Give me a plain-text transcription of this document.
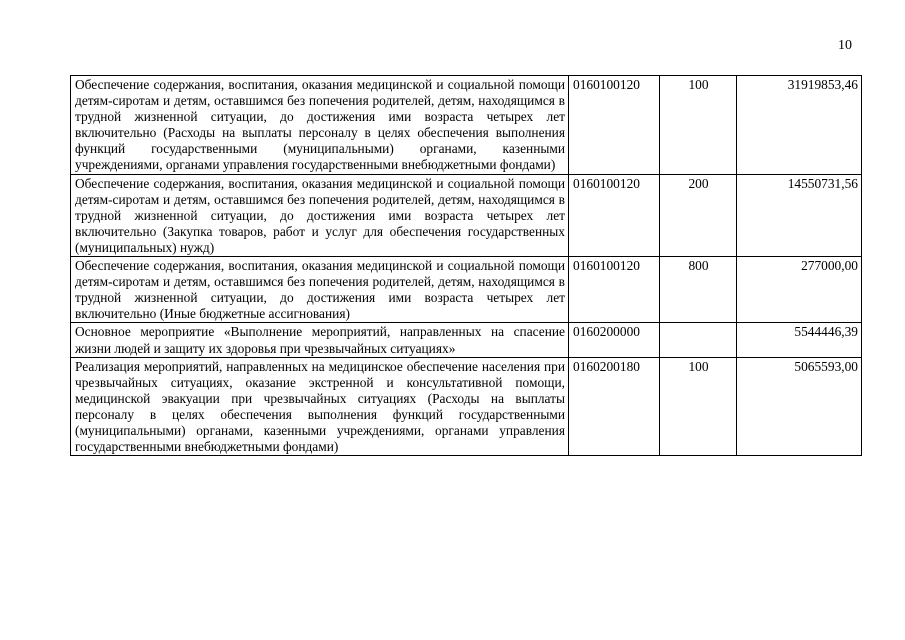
10
Обеспечение содержания, воспитания, оказания медицинской и социальной помощи детям-сиротам и детям, оставшимся без попечения родителей, детям, находящимся в трудной жизненной ситуации, до достижения ими возраста четырех лет включительно (Расходы на выплаты персоналу в целях обеспечения выполнения функций государственными (муниципальными) органами, казенными учреждениями, органами управления государственными внебюджетными фондами)	0160100120	100	31919853,46
Обеспечение содержания, воспитания, оказания медицинской и социальной помощи детям-сиротам и детям, оставшимся без попечения родителей, детям, находящимся в трудной жизненной ситуации, до достижения ими возраста четырех лет включительно (Закупка товаров, работ и услуг для обеспечения государственных (муниципальных) нужд)	0160100120	200	14550731,56
Обеспечение содержания, воспитания, оказания медицинской и социальной помощи детям-сиротам и детям, оставшимся без попечения родителей, детям, находящимся в трудной жизненной ситуации, до достижения ими возраста четырех лет включительно (Иные бюджетные ассигнования)	0160100120	800	277000,00
Основное мероприятие «Выполнение мероприятий, направленных на спасение жизни людей и защиту их здоровья при чрезвычайных ситуациях»	0160200000		5544446,39
Реализация мероприятий, направленных на медицинское обеспечение населения при чрезвычайных ситуациях, оказание экстренной и консультативной помощи, медицинской эвакуации при чрезвычайных ситуациях (Расходы на выплаты персоналу в целях обеспечения выполнения функций государственными (муниципальными) органами, казенными учреждениями, органами управления государственными внебюджетными фондами)	0160200180	100	5065593,00
